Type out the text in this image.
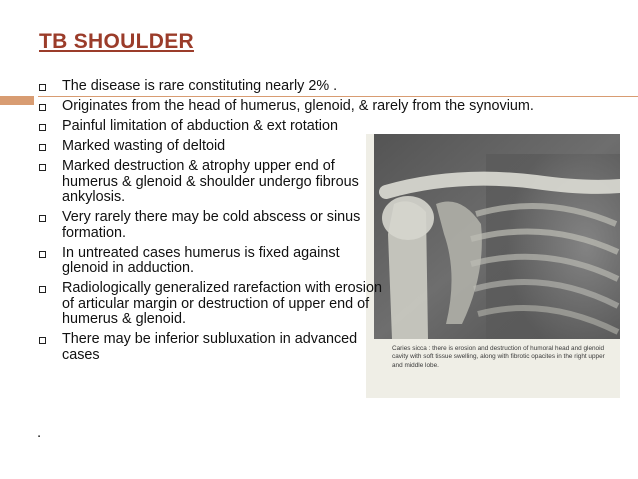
TB SHOULDER
Caries sicca : there is erosion and destruction of humoral head and glenoid cavity with soft tissue swelling, along with fibrotic opacites in the right upper and middle lobe.
The disease is rare constituting nearly 2% .
Originates from the head of humerus, glenoid, & rarely from the synovium.
Painful limitation of abduction & ext rotation
Marked wasting of deltoid
Marked destruction & atrophy upper end of humerus & glenoid & shoulder undergo fibrous ankylosis.
Very rarely there may be cold abscess or sinus formation.
In untreated cases humerus is fixed against glenoid in adduction.
Radiologically generalized rarefaction with erosion of articular margin or destruction of upper end of humerus & glenoid.
There may be inferior subluxation in advanced cases
.
